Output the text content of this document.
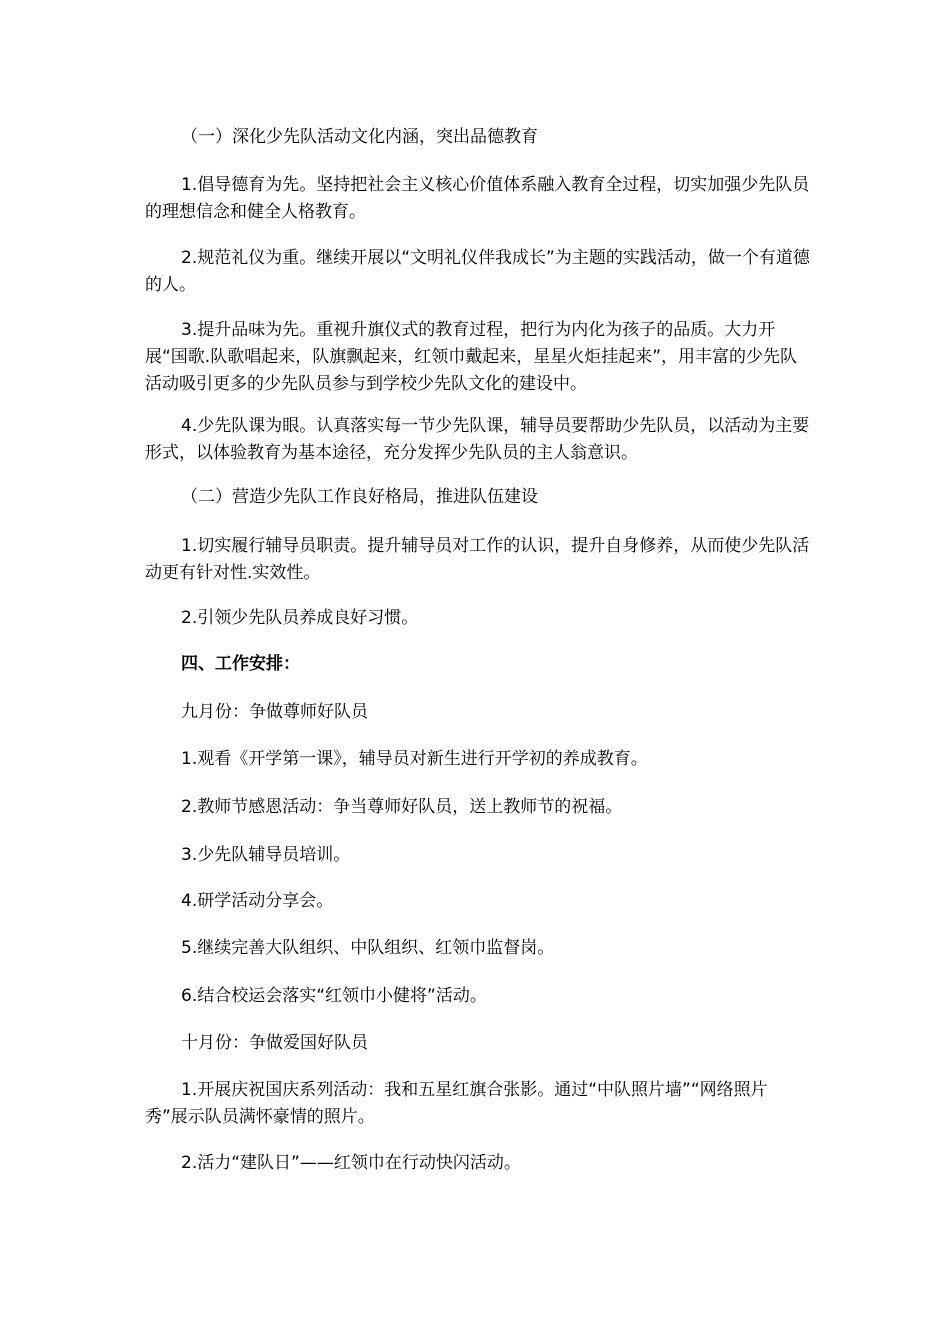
（一）深化少先队活动文化内涵，突出品德教育

1.倡导德育为先。坚持把社会主义核心价值体系融入教育全过程，切实加强少先队员的理想信念和健全人格教育。

2.规范礼仪为重。继续开展以“文明礼仪伴我成长”为主题的实践活动，做一个有道德的人。

3.提升品味为先。重视升旗仪式的教育过程，把行为内化为孩子的品质。大力开展“国歌.队歌唱起来，队旗飘起来，红领巾戴起来，星星火炬挂起来”，用丰富的少先队活动吸引更多的少先队员参与到学校少先队文化的建设中。

4.少先队课为眼。认真落实每一节少先队课，辅导员要帮助少先队员，以活动为主要形式，以体验教育为基本途径，充分发挥少先队员的主人翁意识。

（二）营造少先队工作良好格局，推进队伍建设

1.切实履行辅导员职责。提升辅导员对工作的认识，提升自身修养，从而使少先队活动更有针对性.实效性。

2.引领少先队员养成良好习惯。

四、工作安排：

九月份：争做尊师好队员

1.观看《开学第一课》，辅导员对新生进行开学初的养成教育。

2.教师节感恩活动：争当尊师好队员，送上教师节的祝福。

3.少先队辅导员培训。

4.研学活动分享会。

5.继续完善大队组织、中队组织、红领巾监督岗。

6.结合校运会落实“红领巾小健将”活动。

十月份：争做爱国好队员

1.开展庆祝国庆系列活动：我和五星红旗合张影。通过“中队照片墙”“网络照片秀”展示队员满怀豪情的照片。

2.活力“建队日”——红领巾在行动快闪活动。
